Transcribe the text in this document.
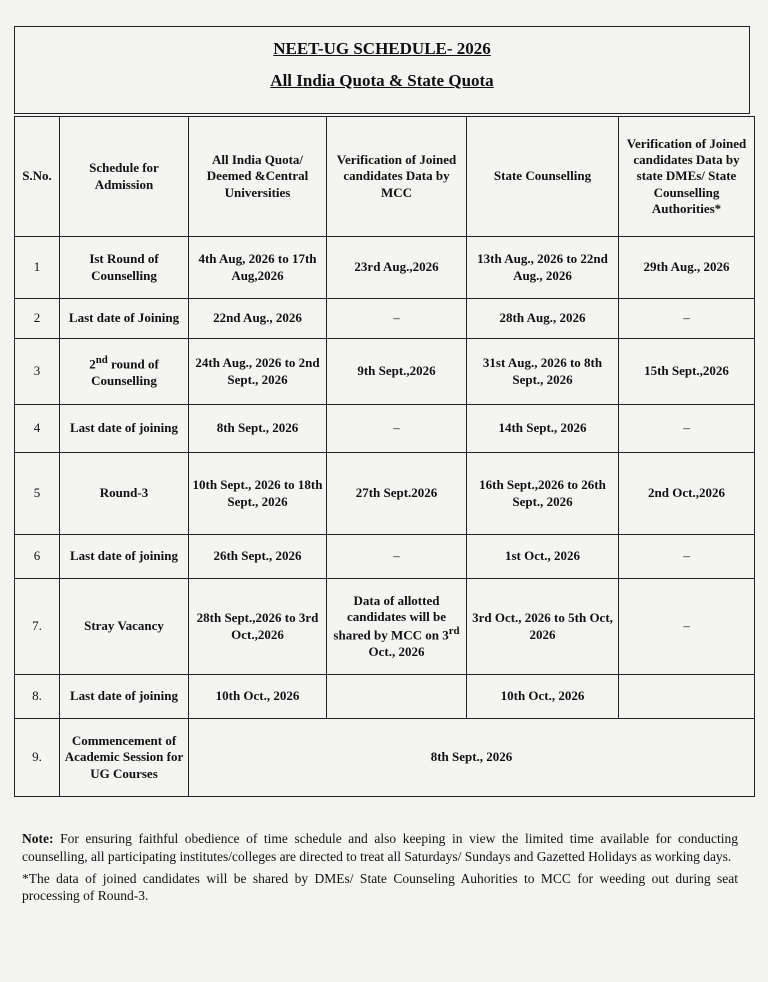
NEET-UG SCHEDULE- 2026
All India Quota & State Quota
S.No.	Schedule for Admission	All India Quota/ Deemed &Central Universities	Verification of Joined candidates Data by MCC	State Counselling	Verification of Joined candidates Data by state DMEs/ State Counselling Authorities*
1	Ist Round of Counselling	4th Aug, 2026 to 17th Aug,2026	23rd Aug.,2026	13th Aug., 2026 to 22nd Aug., 2026	29th Aug., 2026
2	Last date of Joining	22nd Aug., 2026	–	28th Aug., 2026	–
3	2nd round of Counselling	24th Aug., 2026 to 2nd Sept., 2026	9th Sept.,2026	31st Aug., 2026 to 8th Sept., 2026	15th Sept.,2026
4	Last date of joining	8th Sept., 2026	–	14th Sept., 2026	–
5	Round-3	10th Sept., 2026 to 18th Sept., 2026	27th Sept.2026	16th Sept.,2026 to 26th Sept., 2026	2nd Oct.,2026
6	Last date of joining	26th Sept., 2026	–	1st Oct., 2026	–
7.	Stray Vacancy	28th Sept.,2026 to 3rd Oct.,2026	Data of allotted candidates will be shared by MCC on 3rd Oct., 2026	3rd Oct., 2026 to 5th Oct, 2026	–
8.	Last date of joining	10th Oct., 2026		10th Oct., 2026	
9.	Commencement of Academic Session for UG Courses	8th Sept., 2026			
Note: For ensuring faithful obedience of time schedule and also keeping in view the limited time available for conducting counselling, all participating institutes/colleges are directed to treat all Saturdays/ Sundays and Gazetted Holidays as working days.
*The data of joined candidates will be shared by DMEs/ State Counseling Auhorities to MCC for weeding out during seat processing of Round-3.
